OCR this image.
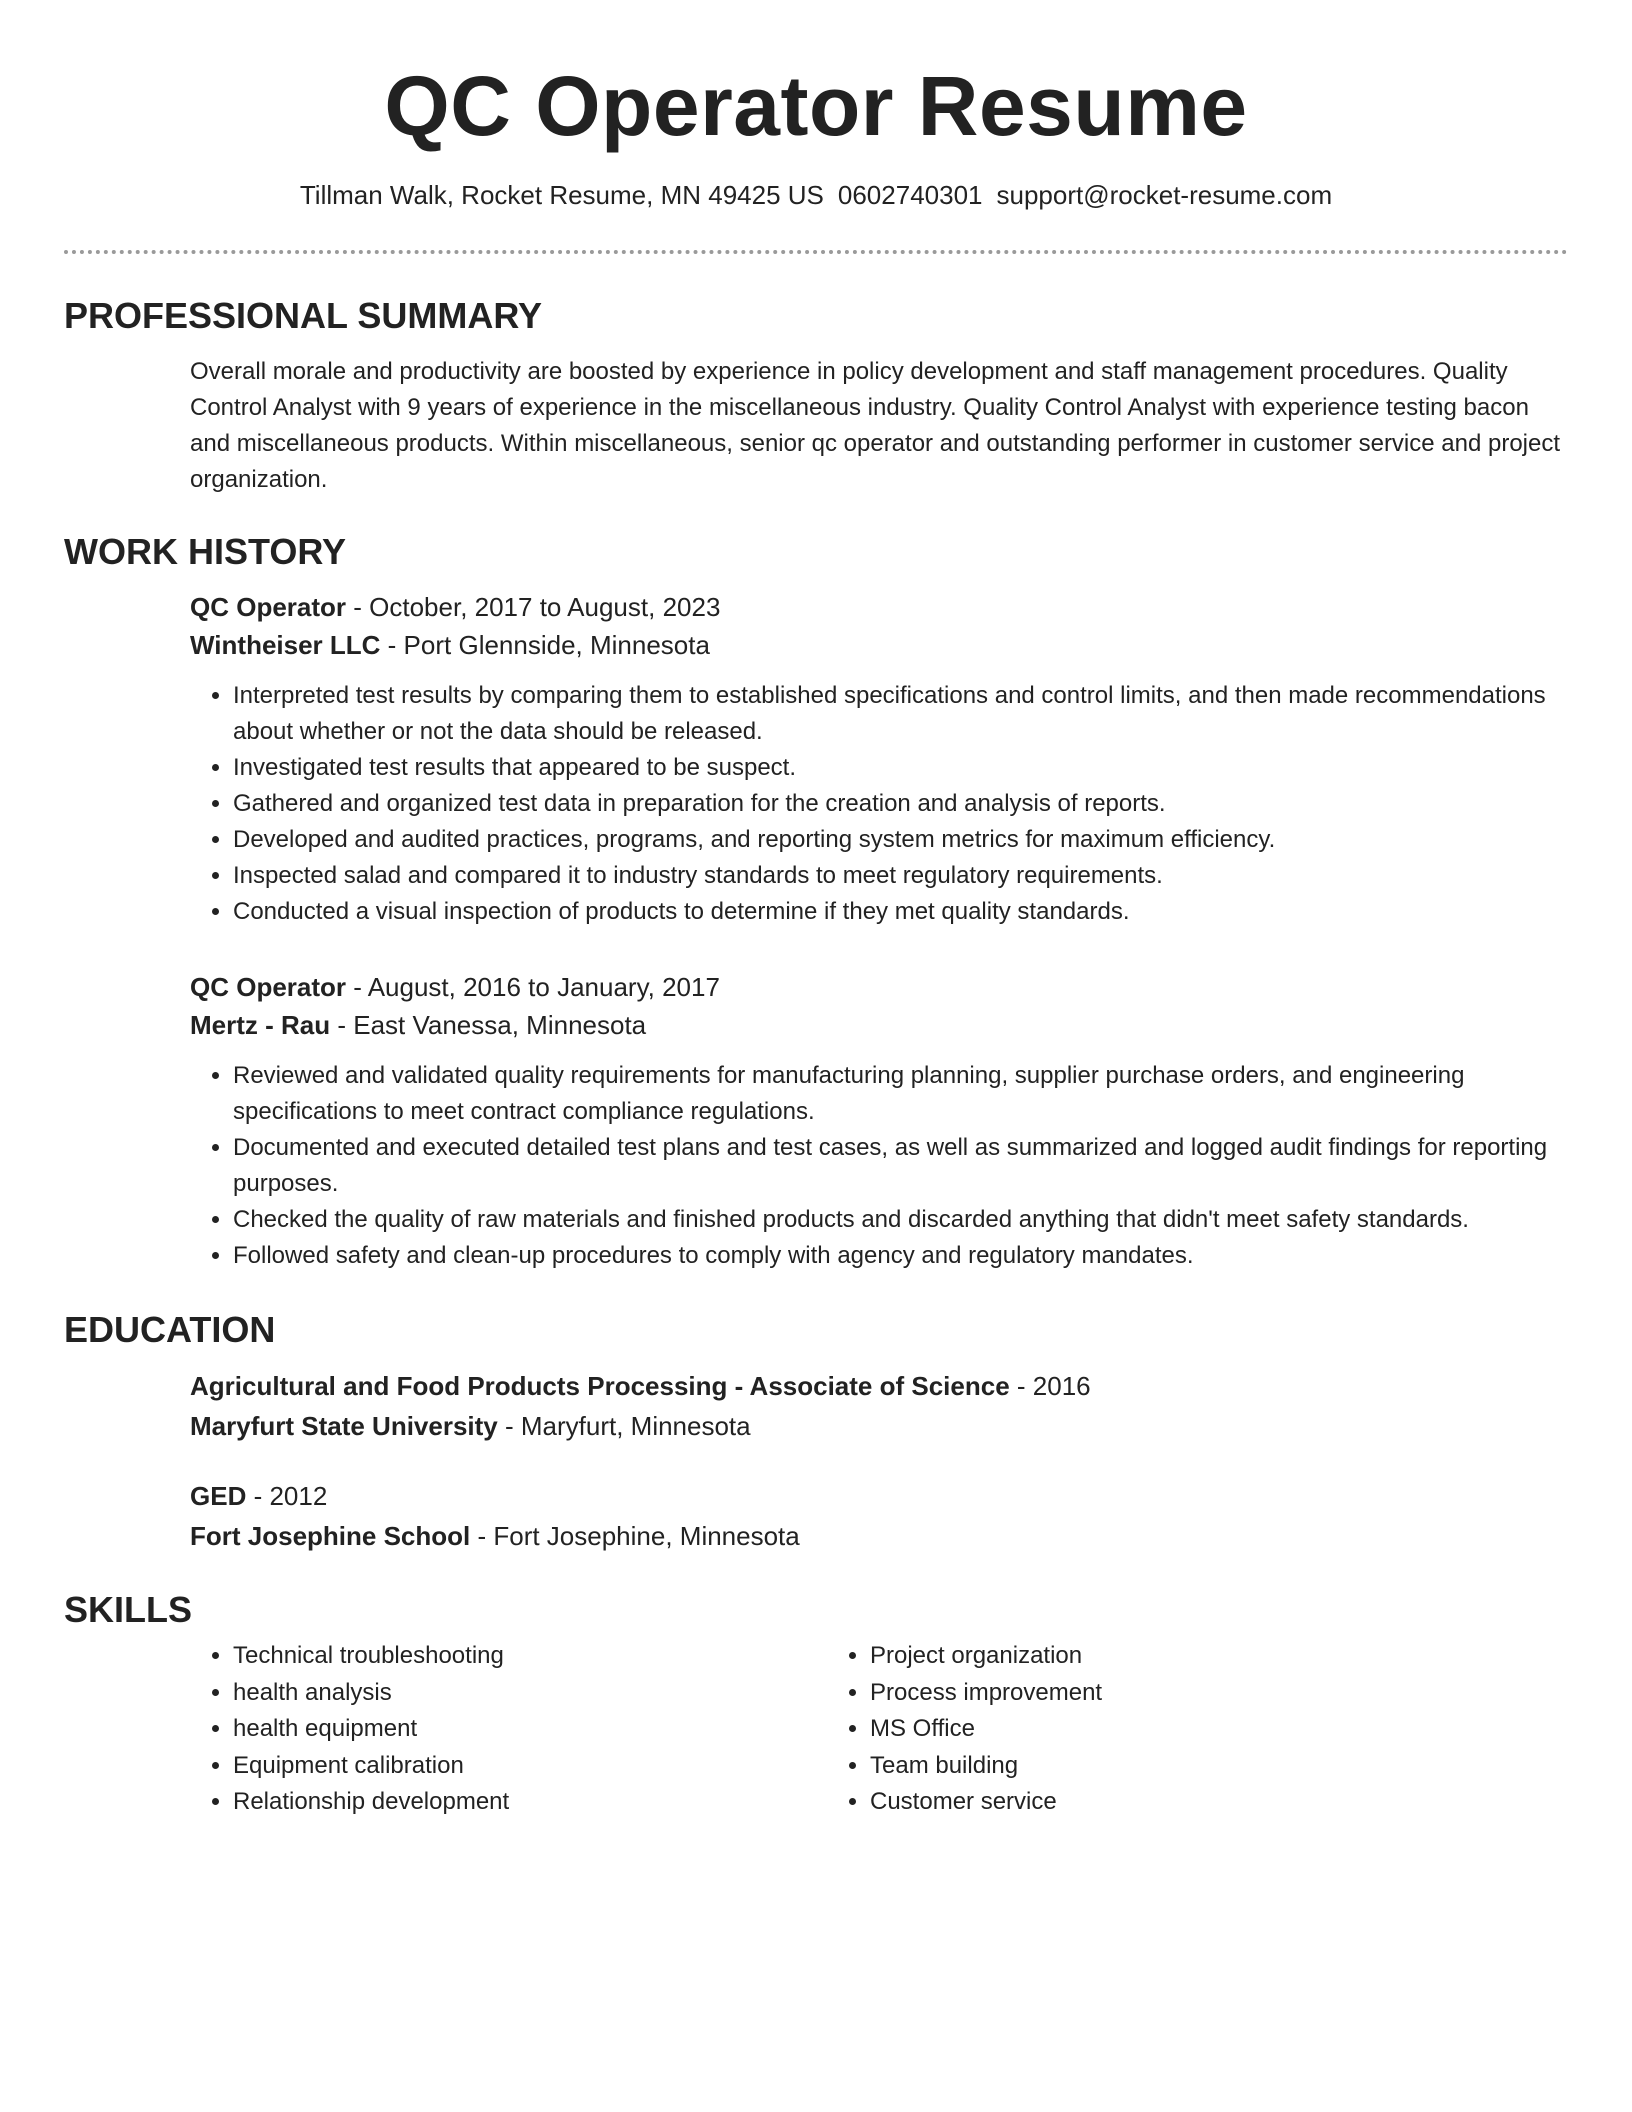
QC Operator Resume
Tillman Walk, Rocket Resume, MN 49425 US 0602740301 support@rocket-resume.com
PROFESSIONAL SUMMARY

Overall morale and productivity are boosted by experience in policy development and staff management procedures. Quality Control Analyst with 9 years of experience in the miscellaneous industry. Quality Control Analyst with experience testing bacon and miscellaneous products. Within miscellaneous, senior qc operator and outstanding performer in customer service and project organization.

WORK HISTORY
QC Operator - October, 2017 to August, 2023
Wintheiser LLC - Port Glennside, Minnesota
• Interpreted test results by comparing them to established specifications and control limits, and then made recommendations about whether or not the data should be released.
• Investigated test results that appeared to be suspect.
• Gathered and organized test data in preparation for the creation and analysis of reports.
• Developed and audited practices, programs, and reporting system metrics for maximum efficiency.
• Inspected salad and compared it to industry standards to meet regulatory requirements.
• Conducted a visual inspection of products to determine if they met quality standards.
QC Operator - August, 2016 to January, 2017
Mertz - Rau - East Vanessa, Minnesota
• Reviewed and validated quality requirements for manufacturing planning, supplier purchase orders, and engineering specifications to meet contract compliance regulations.
• Documented and executed detailed test plans and test cases, as well as summarized and logged audit findings for reporting purposes.
• Checked the quality of raw materials and finished products and discarded anything that didn't meet safety standards.
• Followed safety and clean-up procedures to comply with agency and regulatory mandates.
EDUCATION
Agricultural and Food Products Processing - Associate of Science - 2016
Maryfurt State University - Maryfurt, Minnesota
GED - 2012
Fort Josephine School - Fort Josephine, Minnesota
SKILLS
• Technical troubleshooting
• health analysis
• health equipment
• Equipment calibration
• Relationship development
• Project organization
• Process improvement
• MS Office
• Team building
• Customer service
